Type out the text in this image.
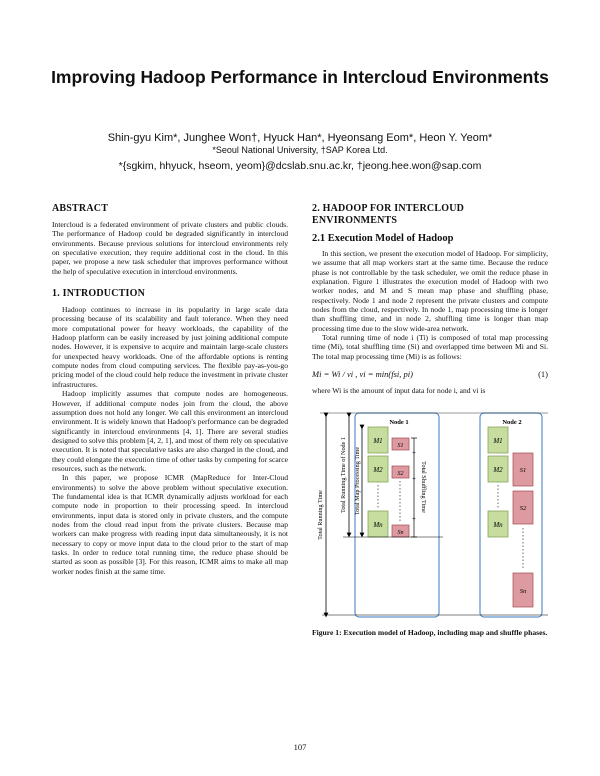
Improving Hadoop Performance in Intercloud Environments
Shin-gyu Kim*, Junghee Won†, Hyuck Han*, Hyeonsang Eom*, Heon Y. Yeom*
*Seoul National University, †SAP Korea Ltd.
*{sgkim, hhyuck, hseom, yeom}@dcslab.snu.ac.kr, †jeong.hee.won@sap.com
ABSTRACT

Intercloud is a federated environment of private clusters and public clouds. The performance of Hadoop could be degraded significantly in intercloud environments. Because previous solutions for intercloud environments rely on speculative execution, they require additional cost in the cloud. In this paper, we propose a new task scheduler that improves performance without the help of speculative execution in intercloud environments.

1. INTRODUCTION

Hadoop continues to increase in its popularity in large scale data processing because of its scalability and fault tolerance. When they need more computational power for heavy workloads, the capability of the Hadoop platform can be easily increased by just joining additional compute nodes. However, it is expensive to acquire and maintain large-scale clusters for unexpected heavy workloads. One of the affordable options is renting compute nodes from cloud computing services. The flexible pay-as-you-go pricing model of the cloud could help reduce the investment in private cluster infrastructures.

Hadoop implicitly assumes that compute nodes are homogeneous. However, if additional compute nodes join from the cloud, the above assumption does not hold any longer. We call this environment an intercloud environment. It is widely known that Hadoop's performance can be degraded significantly in intercloud environments [4, 1]. There are several studies designed to solve this problem [4, 2, 1], and most of them rely on speculative execution. It is noted that speculative tasks are also charged in the cloud, and they could elongate the execution time of other tasks by competing for scarce resources, such as the network.

In this paper, we propose ICMR (MapReduce for Inter-Cloud environments) to solve the above problem without speculative execution. The fundamental idea is that ICMR dynamically adjusts workload for each compute node in proportion to their processing speed. In intercloud environments, input data is stored only in private clusters, and the compute nodes from the cloud read input from the private clusters. Because map workers can make progress with reading input data simultaneously, it is not necessary to copy or move input data to the cloud prior to the start of map tasks. In order to reduce total running time, the reduce phase should be started as soon as possible [3]. For this reason, ICMR aims to make all map worker nodes finish at the same time.

2. HADOOP FOR INTERCLOUD ENVIRONMENTS
2.1 Execution Model of Hadoop

In this section, we present the execution model of Hadoop. For simplicity, we assume that all map workers start at the same time. Because the reduce phase is not controllable by the task scheduler, we omit the reduce phase in explanation. Figure 1 illustrates the execution model of Hadoop with two worker nodes, and M and S mean map phase and shuffling phase, respectively. Node 1 and node 2 represent the private clusters and compute nodes from the cloud, respectively. In node 1, map processing time is longer than shuffling time, and in node 2, shuffling time is longer than map processing time due to the slow wide-area network.

Total running time of node i (Ti) is composed of total map processing time (Mi), total shuffling time (Si) and overlapped time between Mi and Si. The total map processing time (Mi) is as follows:

Mi = Wi / vi , vi = min(fsi, pi)	(1)

where Wi is the amount of input data for node i, and vi is

Node 1	Node 2
M1
M2
Mn
S1
S2
Sn
+
+
+
Total Shuffling Time
Total Running Time of Node 1 Total Map Processing Time
Total Running Time
M1
M2
Mn
S1
S2
Sn
Figure 1: Execution model of Hadoop, including map and shuffle phases.
107
